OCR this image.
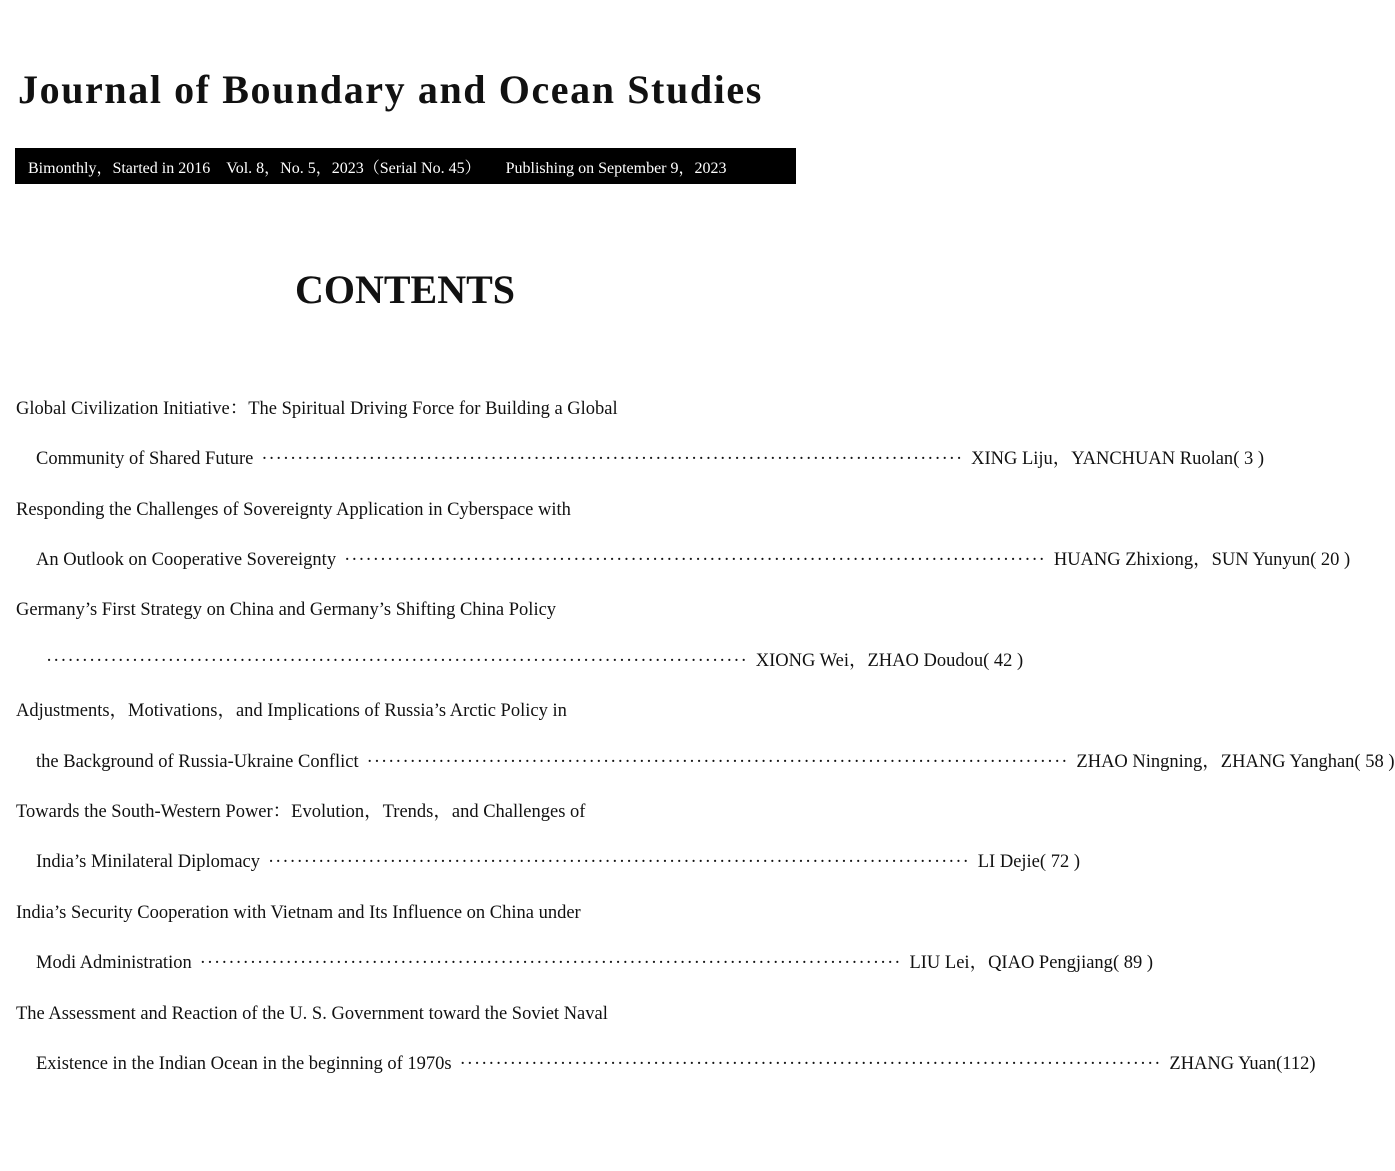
Journal of Boundary and Ocean Studies
Bimonthly，Started in 2016 Vol. 8，No. 5，2023（Serial No. 45） Publishing on September 9，2023
CONTENTS
Global Civilization Initiative：The Spiritual Driving Force for Building a Global
Community of Shared Future ·································································································· XING Liju，YANCHUAN Ruolan ( 3 )
Responding the Challenges of Sovereignty Application in Cyberspace with
An Outlook on Cooperative Sovereignty ·································································································· HUANG Zhixiong，SUN Yunyun ( 20 )
Germany’s First Strategy on China and Germany’s Shifting China Policy
·································································································· XIONG Wei，ZHAO Doudou ( 42 )
Adjustments，Motivations，and Implications of Russia’s Arctic Policy in
the Background of Russia-Ukraine Conflict ·································································································· ZHAO Ningning，ZHANG Yanghan ( 58 )
Towards the South-Western Power：Evolution，Trends，and Challenges of
India’s Minilateral Diplomacy ·································································································· LI Dejie ( 72 )
India’s Security Cooperation with Vietnam and Its Influence on China under
Modi Administration ·································································································· LIU Lei，QIAO Pengjiang ( 89 )
The Assessment and Reaction of the U. S. Government toward the Soviet Naval
Existence in the Indian Ocean in the beginning of 1970s ·································································································· ZHANG Yuan (112)
